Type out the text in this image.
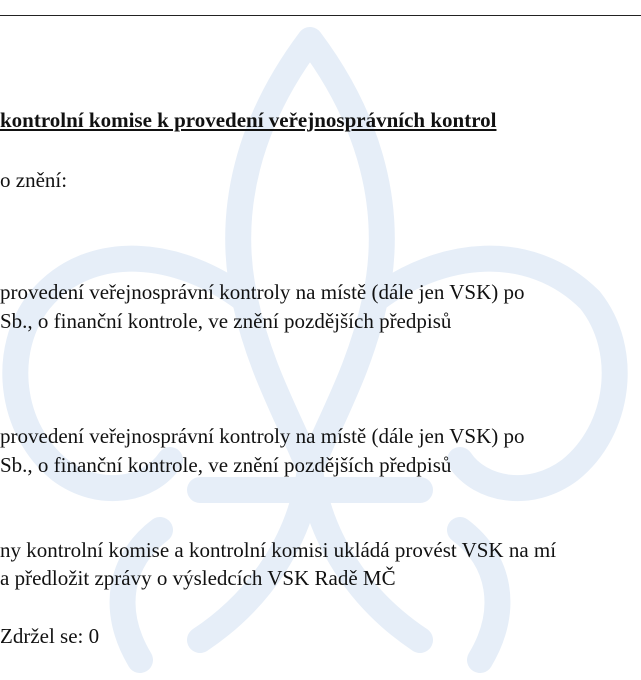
kontrolní komise k provedení veřejnosprávních kontrol
o znění:
provedení veřejnosprávní kontroly na místě (dále jen VSK) po
Sb., o finanční kontrole, ve znění pozdějších předpisů
provedení veřejnosprávní kontroly na místě (dále jen VSK) po
Sb., o finanční kontrole, ve znění pozdějších předpisů
ny kontrolní komise a kontrolní komisi ukládá provést VSK na mí
a předložit zprávy o výsledcích VSK Radě MČ
Zdržel se: 0
